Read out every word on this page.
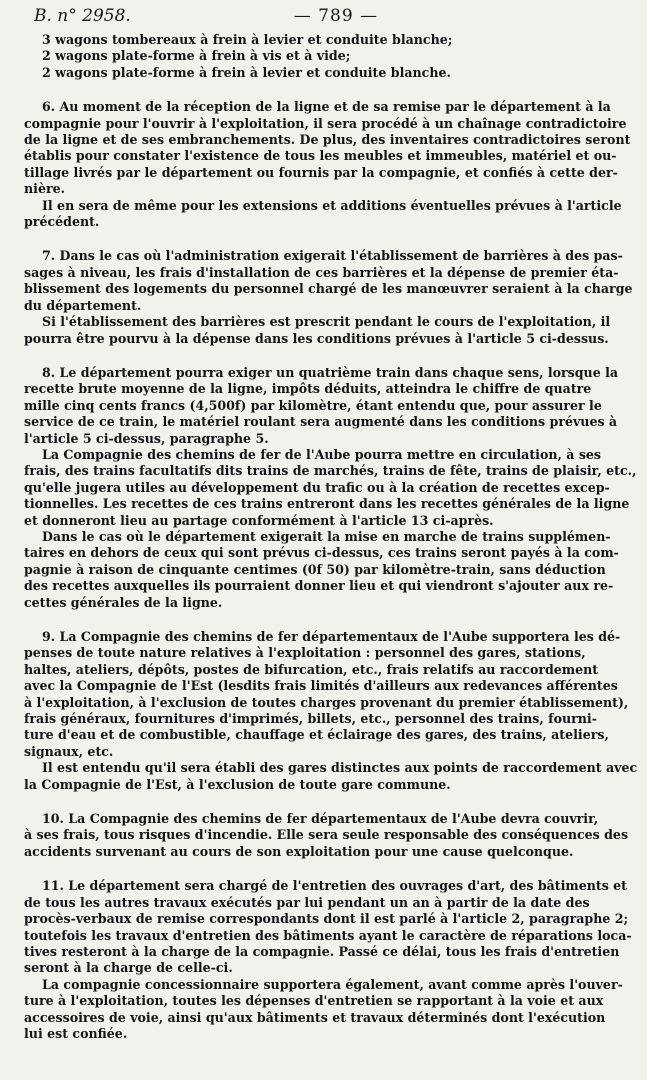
B. n° 2958.	— 789 —
3 wagons tombereaux à frein à levier et conduite blanche;
2 wagons plate-forme à frein à vis et à vide;
2 wagons plate-forme à frein à levier et conduite blanche.
6. Au moment de la réception de la ligne et de sa remise par le département à la
compagnie pour l'ouvrir à l'exploitation, il sera procédé à un chaînage contradictoire
de la ligne et de ses embranchements. De plus, des inventaires contradictoires seront
établis pour constater l'existence de tous les meubles et immeubles, matériel et ou-
tillage livrés par le département ou fournis par la compagnie, et confiés à cette der-
nière.
Il en sera de même pour les extensions et additions éventuelles prévues à l'article
précédent.
7. Dans le cas où l'administration exigerait l'établissement de barrières à des pas-
sages à niveau, les frais d'installation de ces barrières et la dépense de premier éta-
blissement des logements du personnel chargé de les manœuvrer seraient à la charge
du département.
Si l'établissement des barrières est prescrit pendant le cours de l'exploitation, il
pourra être pourvu à la dépense dans les conditions prévues à l'article 5 ci-dessus.
8. Le département pourra exiger un quatrième train dans chaque sens, lorsque la
recette brute moyenne de la ligne, impôts déduits, atteindra le chiffre de quatre
mille cinq cents francs (4,500f) par kilomètre, étant entendu que, pour assurer le
service de ce train, le matériel roulant sera augmenté dans les conditions prévues à
l'article 5 ci-dessus, paragraphe 5.
La Compagnie des chemins de fer de l'Aube pourra mettre en circulation, à ses
frais, des trains facultatifs dits trains de marchés, trains de fête, trains de plaisir, etc.,
qu'elle jugera utiles au développement du trafic ou à la création de recettes excep-
tionnelles. Les recettes de ces trains entreront dans les recettes générales de la ligne
et donneront lieu au partage conformément à l'article 13 ci-après.
Dans le cas où le département exigerait la mise en marche de trains supplémen-
taires en dehors de ceux qui sont prévus ci-dessus, ces trains seront payés à la com-
pagnie à raison de cinquante centimes (0f 50) par kilomètre-train, sans déduction
des recettes auxquelles ils pourraient donner lieu et qui viendront s'ajouter aux re-
cettes générales de la ligne.
9. La Compagnie des chemins de fer départementaux de l'Aube supportera les dé-
penses de toute nature relatives à l'exploitation : personnel des gares, stations,
haltes, ateliers, dépôts, postes de bifurcation, etc., frais relatifs au raccordement
avec la Compagnie de l'Est (lesdits frais limités d'ailleurs aux redevances afférentes
à l'exploitation, à l'exclusion de toutes charges provenant du premier établissement),
frais généraux, fournitures d'imprimés, billets, etc., personnel des trains, fourni-
ture d'eau et de combustible, chauffage et éclairage des gares, des trains, ateliers,
signaux, etc.
Il est entendu qu'il sera établi des gares distinctes aux points de raccordement avec
la Compagnie de l'Est, à l'exclusion de toute gare commune.
10. La Compagnie des chemins de fer départementaux de l'Aube devra couvrir,
à ses frais, tous risques d'incendie. Elle sera seule responsable des conséquences des
accidents survenant au cours de son exploitation pour une cause quelconque.
11. Le département sera chargé de l'entretien des ouvrages d'art, des bâtiments et
de tous les autres travaux exécutés par lui pendant un an à partir de la date des
procès-verbaux de remise correspondants dont il est parlé à l'article 2, paragraphe 2;
toutefois les travaux d'entretien des bâtiments ayant le caractère de réparations loca-
tives resteront à la charge de la compagnie. Passé ce délai, tous les frais d'entretien
seront à la charge de celle-ci.
La compagnie concessionnaire supportera également, avant comme après l'ouver-
ture à l'exploitation, toutes les dépenses d'entretien se rapportant à la voie et aux
accessoires de voie, ainsi qu'aux bâtiments et travaux déterminés dont l'exécution
lui est confiée.
